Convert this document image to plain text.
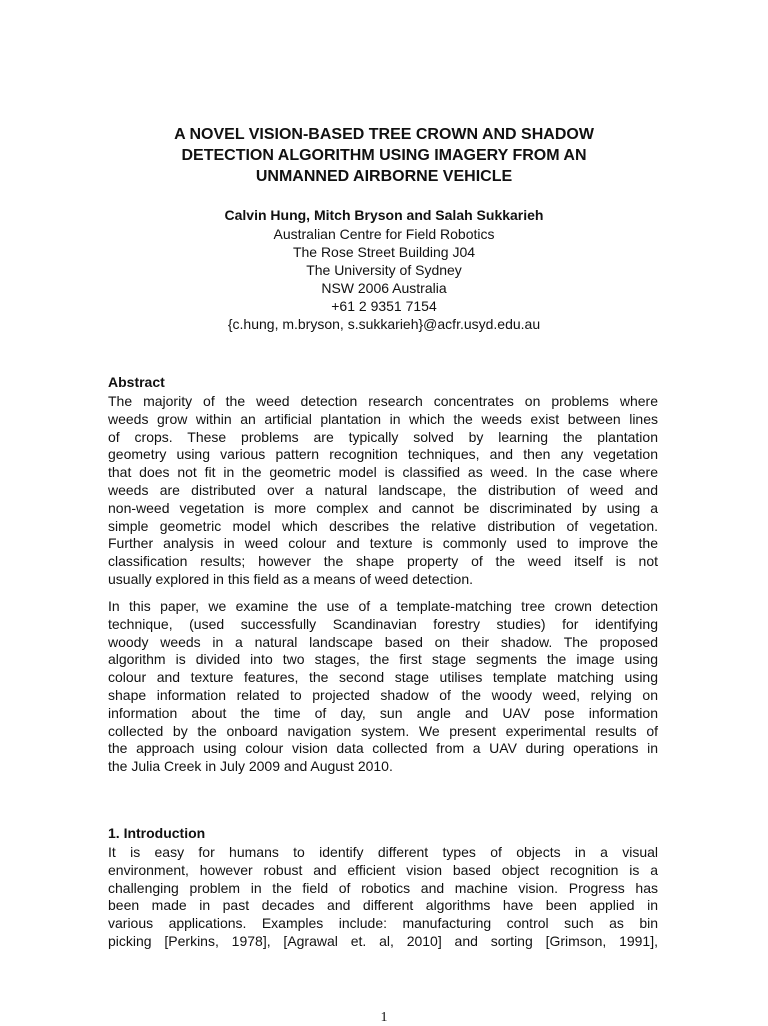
A NOVEL VISION-BASED TREE CROWN AND SHADOW
DETECTION ALGORITHM USING IMAGERY FROM AN
UNMANNED AIRBORNE VEHICLE

Calvin Hung, Mitch Bryson and Salah Sukkarieh

Australian Centre for Field Robotics
The Rose Street Building J04
The University of Sydney
NSW 2006 Australia
+61 2 9351 7154
{c.hung, m.bryson, s.sukkarieh}@acfr.usyd.edu.au
Abstract
The majority of the weed detection research concentrates on problems where
weeds grow within an artificial plantation in which the weeds exist between lines
of crops. These problems are typically solved by learning the plantation
geometry using various pattern recognition techniques, and then any vegetation
that does not fit in the geometric model is classified as weed. In the case where
weeds are distributed over a natural landscape, the distribution of weed and
non-weed vegetation is more complex and cannot be discriminated by using a
simple geometric model which describes the relative distribution of vegetation.
Further analysis in weed colour and texture is commonly used to improve the
classification results; however the shape property of the weed itself is not
usually explored in this field as a means of weed detection.
In this paper, we examine the use of a template-matching tree crown detection
technique, (used successfully Scandinavian forestry studies) for identifying
woody weeds in a natural landscape based on their shadow. The proposed
algorithm is divided into two stages, the first stage segments the image using
colour and texture features, the second stage utilises template matching using
shape information related to projected shadow of the woody weed, relying on
information about the time of day, sun angle and UAV pose information
collected by the onboard navigation system. We present experimental results of
the approach using colour vision data collected from a UAV during operations in
the Julia Creek in July 2009 and August 2010.
1. Introduction
It is easy for humans to identify different types of objects in a visual
environment, however robust and efficient vision based object recognition is a
challenging problem in the field of robotics and machine vision. Progress has
been made in past decades and different algorithms have been applied in
various applications. Examples include: manufacturing control such as bin
picking [Perkins, 1978], [Agrawal et. al, 2010] and sorting [Grimson, 1991],
1
